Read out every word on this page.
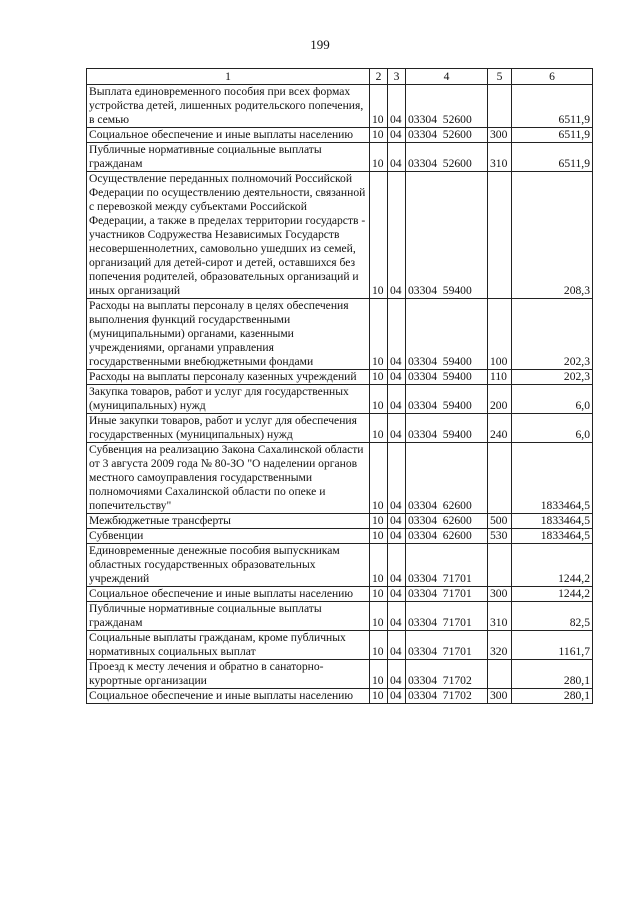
199
1	2	3	4	5	6
Выплата единовременного пособия при всех формах устройства детей, лишенных родительского попечения, в семью	10	04	03304  52600		6511,9
Социальное обеспечение и иные выплаты населению	10	04	03304  52600	300	6511,9
Публичные нормативные социальные выплаты гражданам	10	04	03304  52600	310	6511,9
Осуществление переданных полномочий Российской Федерации по осуществлению деятельности, связанной с перевозкой между субъектами Российской Федерации, а также в пределах территории государств - участников Содружества Независимых Государств несовершеннолетних, самовольно ушедших из семей, организаций для детей-сирот и детей, оставшихся без попечения родителей, образовательных организаций и иных организаций	10	04	03304  59400		208,3
Расходы на выплаты персоналу в целях обеспечения выполнения функций государственными (муниципальными) органами, казенными учреждениями, органами управления государственными внебюджетными фондами	10	04	03304  59400	100	202,3
Расходы на выплаты персоналу казенных учреждений	10	04	03304  59400	110	202,3
Закупка товаров, работ и услуг для государственных (муниципальных) нужд	10	04	03304  59400	200	6,0
Иные закупки товаров, работ и услуг для обеспечения государственных (муниципальных) нужд	10	04	03304  59400	240	6,0
Субвенция на реализацию Закона Сахалинской области от 3 августа 2009 года № 80-ЗО "О наделении органов местного самоуправления государственными полномочиями Сахалинской области по опеке и попечительству"	10	04	03304  62600		1833464,5
Межбюджетные трансферты	10	04	03304  62600	500	1833464,5
Субвенции	10	04	03304  62600	530	1833464,5
Единовременные денежные пособия выпускникам областных государственных образовательных учреждений	10	04	03304  71701		1244,2
Социальное обеспечение и иные выплаты населению	10	04	03304  71701	300	1244,2
Публичные нормативные социальные выплаты гражданам	10	04	03304  71701	310	82,5
Социальные выплаты гражданам, кроме публичных нормативных социальных выплат	10	04	03304  71701	320	1161,7
Проезд к месту лечения и обратно в санаторно-курортные организации	10	04	03304  71702		280,1
Социальное обеспечение и иные выплаты населению	10	04	03304  71702	300	280,1
